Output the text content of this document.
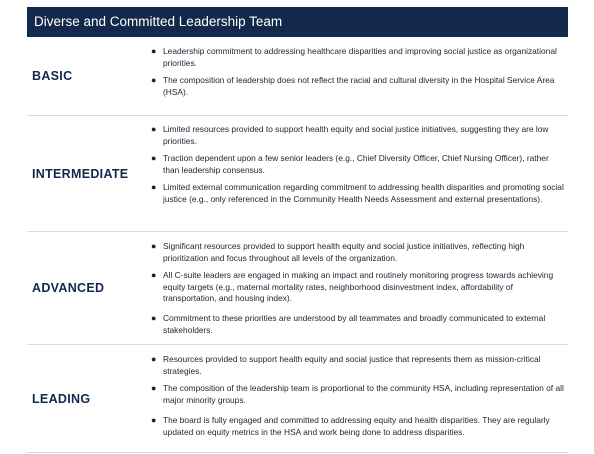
Diverse and Committed Leadership Team
BASIC
● Leadership commitment to addressing healthcare disparities and improving social justice as organizational priorities.
● The composition of leadership does not reflect the racial and cultural diversity in the Hospital Service Area (HSA).
INTERMEDIATE
● Limited resources provided to support health equity and social justice initiatives, suggesting they are low priorities.
● Traction dependent upon a few senior leaders (e.g., Chief Diversity Officer, Chief Nursing Officer), rather than leadership consensus.
● Limited external communication regarding commitment to addressing health disparities and promoting social justice (e.g., only referenced in the Community Health Needs Assessment and external presentations).
ADVANCED
● Significant resources provided to support health equity and social justice initiatives, reflecting high prioritization and focus throughout all levels of the organization.
● All C-suite leaders are engaged in making an impact and routinely monitoring progress towards achieving equity targets (e.g., maternal mortality rates, neighborhood disinvestment index, affordability of transportation, and housing index).
● Commitment to these priorities are understood by all teammates and broadly communicated to external stakeholders.
LEADING
● Resources provided to support health equity and social justice that represents them as mission-critical strategies.
● The composition of the leadership team is proportional to the community HSA, including representation of all major minority groups.
● The board is fully engaged and committed to addressing equity and health disparities. They are regularly updated on equity metrics in the HSA and work being done to address disparities.
